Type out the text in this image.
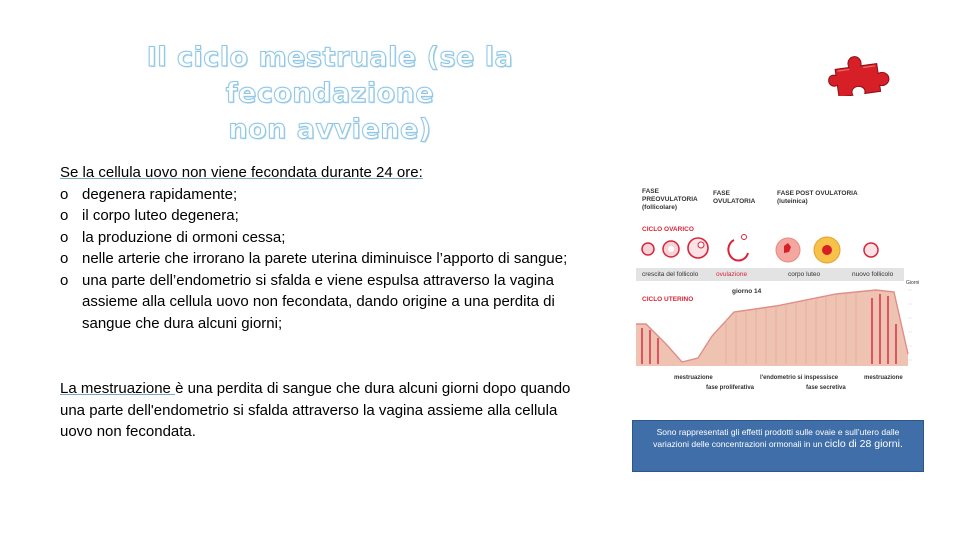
Il ciclo mestruale (se la fecondazione
non avviene)
Se la cellula uovo non viene fecondata durante 24 ore:
o degenera rapidamente;
o il corpo luteo degenera;
o la produzione di ormoni cessa;
o nelle arterie che irrorano la parete uterina diminuisce l’apporto di sangue;
o una parte dell’endometrio si sfalda e viene espulsa attraverso la vagina assieme alla cellula uovo non fecondata, dando origine a una perdita di sangue che dura alcuni giorni;
La mestruazione è una perdita di sangue che dura alcuni giorni dopo quando una parte dell'endometrio si sfalda attraverso la vagina assieme alla cellula uovo non fecondata.
FASE
PREOVULATORIA
(follicolare)
FASE
OVULATORIA
FASE POST OVULATORIA
(luteinica)
CICLO OVARICO
crescita del follicolo	ovulazione	corpo luteo	nuovo follicolo
Giorni
giorno 14
CICLO UTERINO
mestruazione	l'endometrio si inspessisce	mestruazione
fase proliferativa	fase secretiva
Sono rappresentati gli effetti prodotti sulle ovaie e sull’utero dalle variazioni delle concentrazioni ormonali in un ciclo di 28 giorni.
